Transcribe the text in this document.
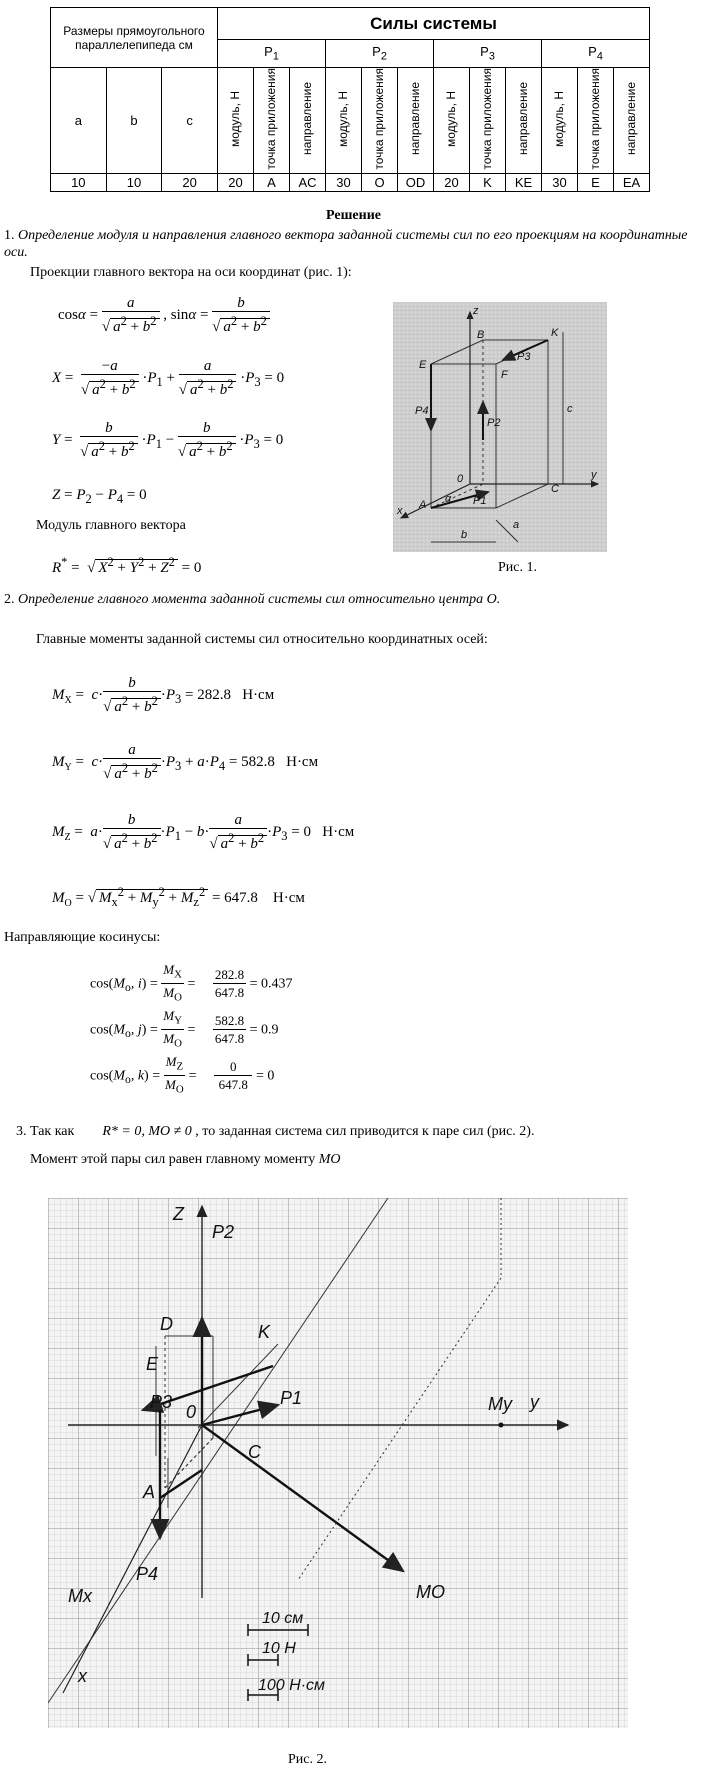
Размеры прямоугольного параллелепипеда см			Силы системы											
			$P_1$			$P_2$			$P_3$			$P_4$
a	b	c	модуль, Н	точка приложения	направление	модуль, Н	точка приложения	направление	модуль, Н	точка приложения	направление	модуль, Н	точка приложения	направление
10	10	20	20	A	AC	30	O	OD	20	K	KE	30	E	EA
Решение
1. Определение модуля и направления главного вектора заданной системы сил по его проекциям на координатные оси.
Проекции главного вектора на оси координат (рис. 1):
$\cos\alpha = \frac{a}{√ a^2 + b^2}$ , $\sin\alpha = \frac{b}{√ a^2 + b^2}$
$X = \frac{-a}{√ a^2 + b^2} \cdot P_1 + \frac{a}{√ a^2 + b^2} \cdot P_3 = 0$
$Y = \frac{b}{√ a^2 + b^2} \cdot P_1 - \frac{b}{√ a^2 + b^2} \cdot P_3 = 0$
$Z = P_2 - P_4 = 0$
Модуль главного вектора
R* =  √ $X^2 + Y^2 + Z^2 = 0$
z
y
x
K
B
E
F
P3
P2
P4
0
A
C
P1
α
c
b
a
Рис. 1.
2. Определение главного момента заданной системы сил относительно центра O.
Главные моменты заданной системы сил относительно координатных осей:
$M_X = c\cdot \frac{b}{√ a^2 + b^2} \cdot P_3 = 282.8$ Н·см
$M_Y = c\cdot \frac{a}{√ a^2 + b^2} \cdot P_3 + a\cdot P_4 = 582.8$ Н·см
$M_Z = a\cdot \frac{b}{√ a^2 + b^2} \cdot P_1 - b\cdot \frac{a}{√ a^2 + b^2} \cdot P_3 = 0$ Н·см
$M_O$ = √ $M_x^2 + M_y^2 + M_z^2 = 647.8$ Н·см
Направляющие косинусы:
$\cos(M_o$, $i) = \frac{M_X}{M_O} = \frac{282.8}{647.8} = 0.437$
$\cos(M_o$, $j) = \frac{M_Y}{M_O} = \frac{582.8}{647.8} = 0.9$
$\cos(M_o$, $k) = \frac{M_Z}{M_O} = \frac{0}{647.8} = 0$
3. Так как R* = 0, MO ≠ 0 , то заданная система сил приводится к паре сил (рис. 2).
Момент этой пары сил равен главному моменту MO
Z
P2
D	K
E
P3 0
P1	My y
A
C
Mx
x
P4
MO
10 см
10 Н
100 Н·см
Рис. 2.
